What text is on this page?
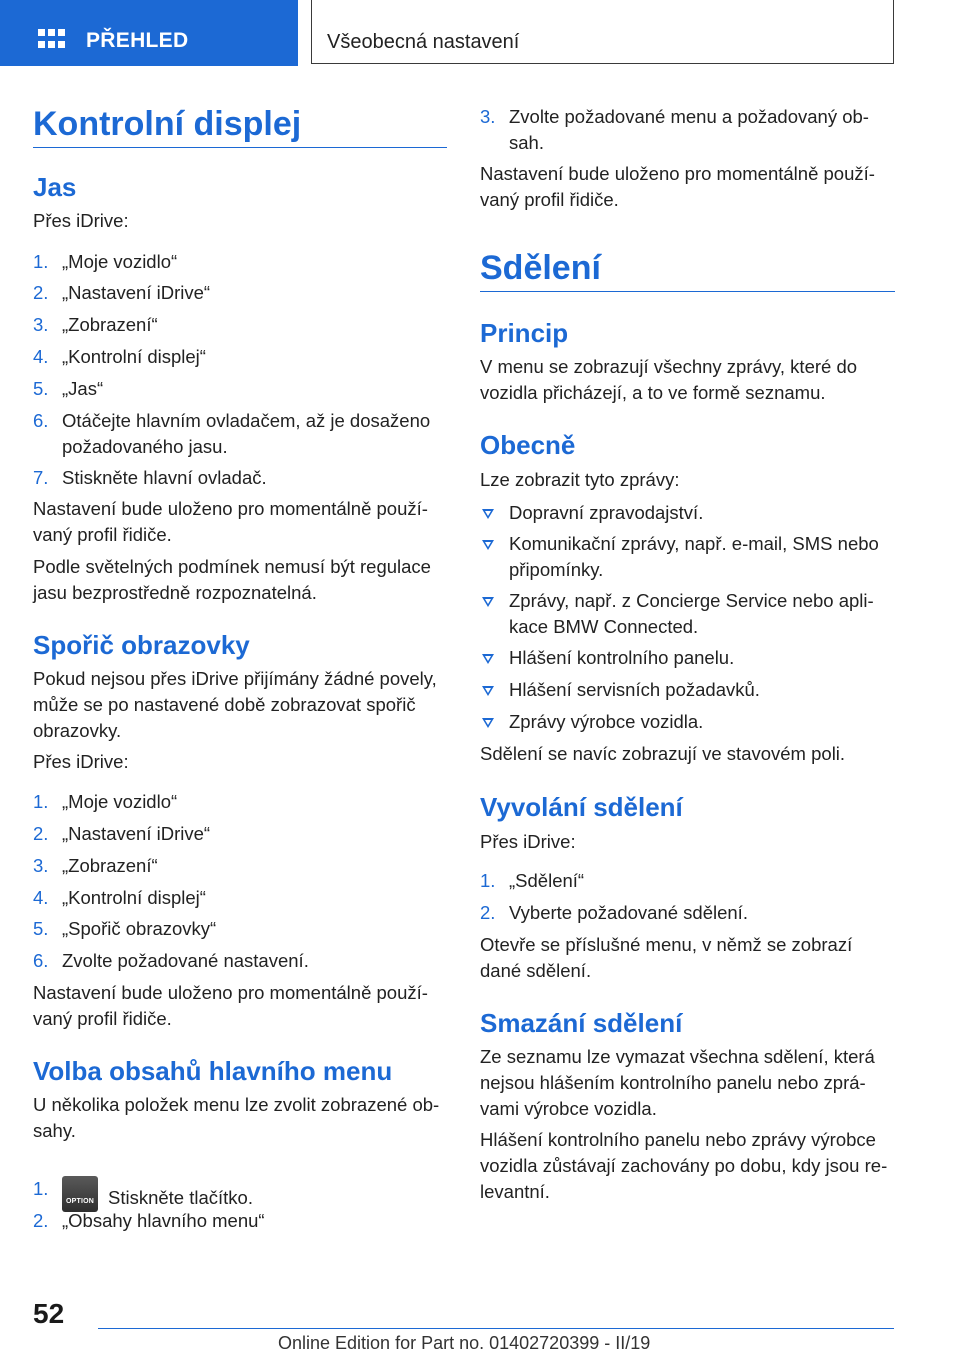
PŘEHLED	Všeobecná nastavení
Kontrolní displej
Jas
Přes iDrive:
1. „Moje vozidlo“
2. „Nastavení iDrive“
3. „Zobrazení“
4. „Kontrolní displej“
5. „Jas“
6. Otáčejte hlavním ovladačem, až je dosaženo požadovaného jasu.
7. Stiskněte hlavní ovladač.
Nastavení bude uloženo pro momentálně použí‐vaný profil řidiče.
Podle světelných podmínek nemusí být regulace jasu bezprostředně rozpoznatelná.
Spořič obrazovky
Pokud nejsou přes iDrive přijímány žádné povely, může se po nastavené době zobrazovat spořič obrazovky.
Přes iDrive:
1. „Moje vozidlo“
2. „Nastavení iDrive“
3. „Zobrazení“
4. „Kontrolní displej“
5. „Spořič obrazovky“
6. Zvolte požadované nastavení.
Nastavení bude uloženo pro momentálně použí‐vaný profil řidiče.
Volba obsahů hlavního menu
U několika položek menu lze zvolit zobrazené ob‐sahy.
1.
OPTION Stiskněte tlačítko.
2. „Obsahy hlavního menu“
3. Zvolte požadované menu a požadovaný ob‐sah.
Nastavení bude uloženo pro momentálně použí‐vaný profil řidiče.
Sdělení
Princip
V menu se zobrazují všechny zprávy, které do vozidla přicházejí, a to ve formě seznamu.
Obecně
Lze zobrazit tyto zprávy:
Dopravní zpravodajství.
Komunikační zprávy, např. e-mail, SMS nebo připomínky.
Zprávy, např. z Concierge Service nebo apli‐kace BMW Connected.
Hlášení kontrolního panelu.
Hlášení servisních požadavků.
Zprávy výrobce vozidla.
Sdělení se navíc zobrazují ve stavovém poli.
Vyvolání sdělení
Přes iDrive:
1. „Sdělení“
2. Vyberte požadované sdělení.
Otevře se příslušné menu, v němž se zobrazí dané sdělení.
Smazání sdělení
Ze seznamu lze vymazat všechna sdělení, která nejsou hlášením kontrolního panelu nebo zprá‐vami výrobce vozidla.
Hlášení kontrolního panelu nebo zprávy výrobce vozidla zůstávají zachovány po dobu, kdy jsou re‐levantní.
52
Online Edition for Part no. 01402720399 - II/19
